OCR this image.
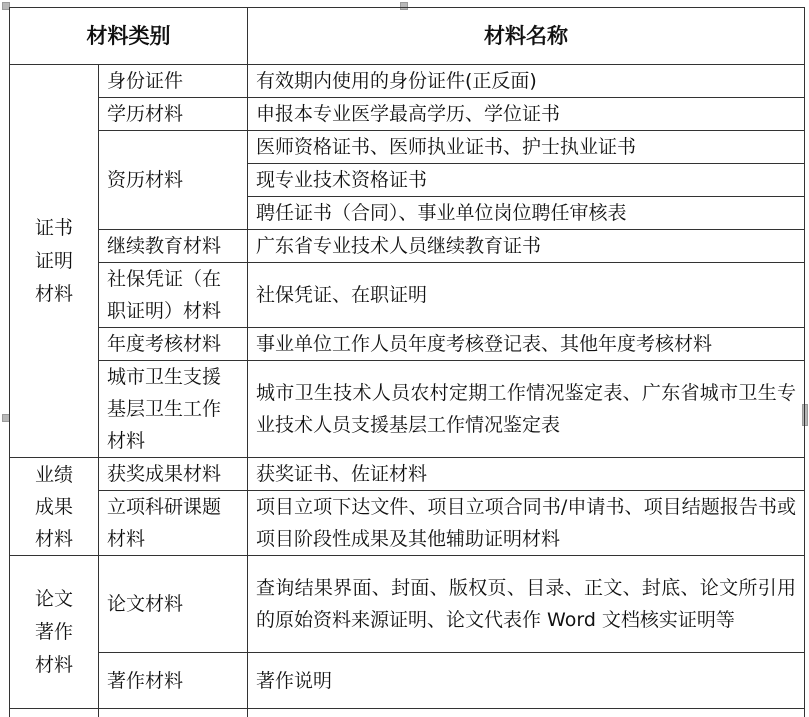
材料类别		材料名称

证书证明材料	身份证件	有效期内使用的身份证件(正反面)
	学历材料	申报本专业医学最高学历、学位证书
	资历材料	医师资格证书、医师执业证书、护士执业证书
		现专业技术资格证书
		聘任证书（合同）、事业单位岗位聘任审核表
	继续教育材料	广东省专业技术人员继续教育证书
	社保凭证（在职证明）材料	社保凭证、在职证明
	年度考核材料	事业单位工作人员年度考核登记表、其他年度考核材料
	城市卫生支援基层卫生工作材料	城市卫生技术人员农村定期工作情况鉴定表、广东省城市卫生专业技术人员支援基层工作情况鉴定表

业绩成果材料	获奖成果材料	获奖证书、佐证材料
	立项科研课题材料	项目立项下达文件、项目立项合同书/申请书、项目结题报告书或项目阶段性成果及其他辅助证明材料

论文著作材料	论文材料	查询结果界面、封面、版权页、目录、正文、封底、论文所引用的原始资料来源证明、论文代表作 Word 文档核实证明等
	著作材料	著作说明
